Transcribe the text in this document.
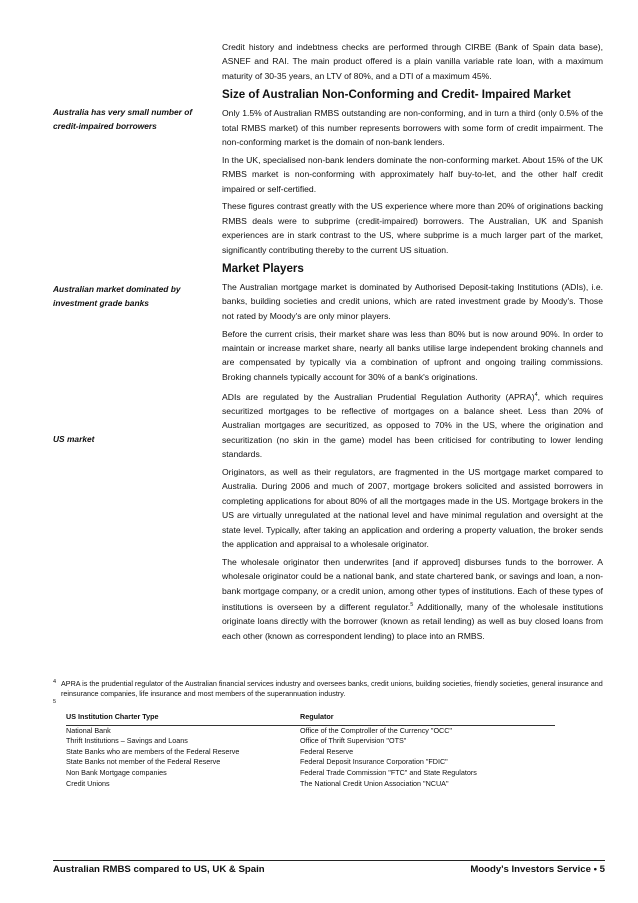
Credit history and indebtness checks are performed through CIRBE (Bank of Spain data base), ASNEF and RAI. The main product offered is a plain vanilla variable rate loan, with a maximum maturity of 30-35 years, an LTV of 80%, and a DTI of a maximum 45%.

Size of Australian Non-Conforming and Credit- Impaired Market

Only 1.5% of Australian RMBS outstanding are non-conforming, and in turn a third (only 0.5% of the total RMBS market) of this number represents borrowers with some form of credit impairment. The non-conforming market is the domain of non-bank lenders.

In the UK, specialised non-bank lenders dominate the non-conforming market. About 15% of the UK RMBS market is non-conforming with approximately half buy-to-let, and the other half credit impaired or self-certified.

These figures contrast greatly with the US experience where more than 20% of originations backing RMBS deals were to subprime (credit-impaired) borrowers. The Australian, UK and Spanish experiences are in stark contrast to the US, where subprime is a much larger part of the market, significantly contributing thereby to the current US situation.

Market Players

The Australian mortgage market is dominated by Authorised Deposit-taking Institutions (ADIs), i.e. banks, building societies and credit unions, which are rated investment grade by Moody's. Those not rated by Moody's are only minor players.

Before the current crisis, their market share was less than 80% but is now around 90%. In order to maintain or increase market share, nearly all banks utilise large independent broking channels and are compensated by typically via a combination of upfront and ongoing trailing commissions. Broking channels typically account for 30% of a bank's originations.

ADIs are regulated by the Australian Prudential Regulation Authority (APRA)$^4$, which requires securitized mortgages to be reflective of mortgages on a balance sheet. Less than 20% of Australian mortgages are securitized, as opposed to 70% in the US, where the origination and securitization (no skin in the game) model has been criticised for contributing to lower lending standards.

Originators, as well as their regulators, are fragmented in the US mortgage market compared to Australia. During 2006 and much of 2007, mortgage brokers solicited and assisted borrowers in completing applications for about 80% of all the mortgages made in the US. Mortgage brokers in the US are virtually unregulated at the national level and have minimal regulation and oversight at the state level. Typically, after taking an application and ordering a property valuation, the broker sends the application and appraisal to a wholesale originator.

The wholesale originator then underwrites [and if approved] disburses funds to the borrower. A wholesale originator could be a national bank, and state chartered bank, or savings and loan, a non-bank mortgage company, or a credit union, among other types of institutions. Each of these types of institutions is overseen by a different regulator.$^5$ Additionally, many of the wholesale institutions originate loans directly with the borrower (known as retail lending) as well as buy closed loans from each other (known as correspondent lending) to place into an RMBS.

Australia has very small number of credit-impaired borrowers
Australian market dominated by investment grade banks
US market

4 APRA is the prudential regulator of the Australian financial services industry and oversees banks, credit unions, building societies, friendly societies, general insurance and reinsurance companies, life insurance and most members of the superannuation industry.

5

US Institution Charter Type	Regulator
National Bank	Office of the Comptroller of the Currency "OCC"
Thrift Institutions – Savings and Loans	Office of Thrift Supervision "OTS"
State Banks who are members of the Federal Reserve	Federal Reserve
State Banks not member of the Federal Reserve	Federal Deposit Insurance Corporation "FDIC"
Non Bank Mortgage companies	Federal Trade Commission "FTC" and State Regulators
Credit Unions	The National Credit Union Association "NCUA"
Australian RMBS compared to US, UK & Spain	Moody's Investors Service • 5
